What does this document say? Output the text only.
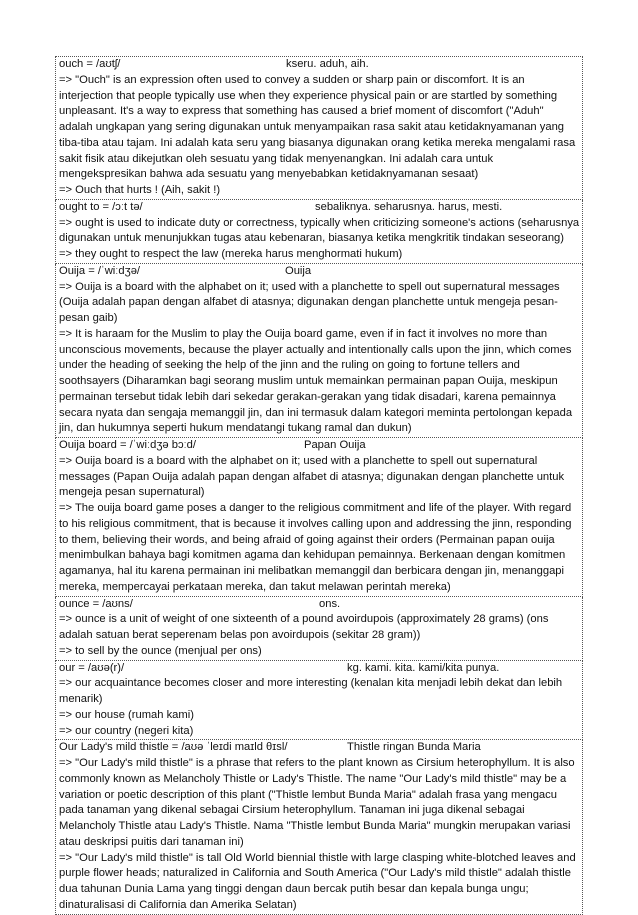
ouch = /aʊtʃ/	kseru. aduh, aih.

=> "Ouch" is an expression often used to convey a sudden or sharp pain or discomfort. It is an interjection that people typically use when they experience physical pain or are startled by something unpleasant. It's a way to express that something has caused a brief moment of discomfort ("Aduh" adalah ungkapan yang sering digunakan untuk menyampaikan rasa sakit atau ketidaknyamanan yang tiba-tiba atau tajam. Ini adalah kata seru yang biasanya digunakan orang ketika mereka mengalami rasa sakit fisik atau dikejutkan oleh sesuatu yang tidak menyenangkan. Ini adalah cara untuk mengekspresikan bahwa ada sesuatu yang menyebabkan ketidaknyamanan sesaat)

=> Ouch that hurts ! (Aih, sakit !)

ought to = /ɔːt tə/	sebaliknya. seharusnya. harus, mesti.

=> ought is used to indicate duty or correctness, typically when criticizing someone's actions (seharusnya digunakan untuk menunjukkan tugas atau kebenaran, biasanya ketika mengkritik tindakan seseorang)

=> they ought to respect the law (mereka harus menghormati hukum)

Ouija = /ˈwiːdʒə/	Ouija

=> Ouija is a board with the alphabet on it; used with a planchette to spell out supernatural messages (Ouija adalah papan dengan alfabet di atasnya; digunakan dengan planchette untuk mengeja pesan-pesan gaib)

=> It is haraam for the Muslim to play the Ouija board game, even if in fact it involves no more than unconscious movements, because the player actually and intentionally calls upon the jinn, which comes under the heading of seeking the help of the jinn and the ruling on going to fortune tellers and soothsayers (Diharamkan bagi seorang muslim untuk memainkan permainan papan Ouija, meskipun permainan tersebut tidak lebih dari sekedar gerakan-gerakan yang tidak disadari, karena pemainnya secara nyata dan sengaja memanggil jin, dan ini termasuk dalam kategori meminta pertolongan kepada jin, dan hukumnya seperti hukum mendatangi tukang ramal dan dukun)

Ouija board = /ˈwiːdʒə bɔːd/	Papan Ouija

=> Ouija board is a board with the alphabet on it; used with a planchette to spell out supernatural messages (Papan Ouija adalah papan dengan alfabet di atasnya; digunakan dengan planchette untuk mengeja pesan supernatural)

=> The ouija board game poses a danger to the religious commitment and life of the player. With regard to his religious commitment, that is because it involves calling upon and addressing the jinn, responding to them, believing their words, and being afraid of going against their orders (Permainan papan ouija menimbulkan bahaya bagi komitmen agama dan kehidupan pemainnya. Berkenaan dengan komitmen agamanya, hal itu karena permainan ini melibatkan memanggil dan berbicara dengan jin, menanggapi mereka, mempercayai perkataan mereka, dan takut melawan perintah mereka)

ounce = /aʊns/	ons.

=> ounce is a unit of weight of one sixteenth of a pound avoirdupois (approximately 28 grams) (ons adalah satuan berat seperenam belas pon avoirdupois (sekitar 28 gram))

=> to sell by the ounce (menjual per ons)

our = /aʊə(r)/	kg. kami. kita. kami/kita punya.

=> our acquaintance becomes closer and more interesting (kenalan kita menjadi lebih dekat dan lebih menarik)

=> our house (rumah kami)

=> our country (negeri kita)

Our Lady's mild thistle = /aʊə ˈleɪdi maɪld θɪsl/	Thistle ringan Bunda Maria

=> "Our Lady's mild thistle" is a phrase that refers to the plant known as Cirsium heterophyllum. It is also commonly known as Melancholy Thistle or Lady's Thistle. The name "Our Lady's mild thistle" may be a variation or poetic description of this plant ("Thistle lembut Bunda Maria" adalah frasa yang mengacu pada tanaman yang dikenal sebagai Cirsium heterophyllum. Tanaman ini juga dikenal sebagai Melancholy Thistle atau Lady's Thistle. Nama "Thistle lembut Bunda Maria" mungkin merupakan variasi atau deskripsi puitis dari tanaman ini)

=> "Our Lady's mild thistle" is tall Old World biennial thistle with large clasping white-blotched leaves and purple flower heads; naturalized in California and South America ("Our Lady's mild thistle" adalah thistle dua tahunan Dunia Lama yang tinggi dengan daun bercak putih besar dan kepala bunga ungu; dinaturalisasi di California dan Amerika Selatan)
